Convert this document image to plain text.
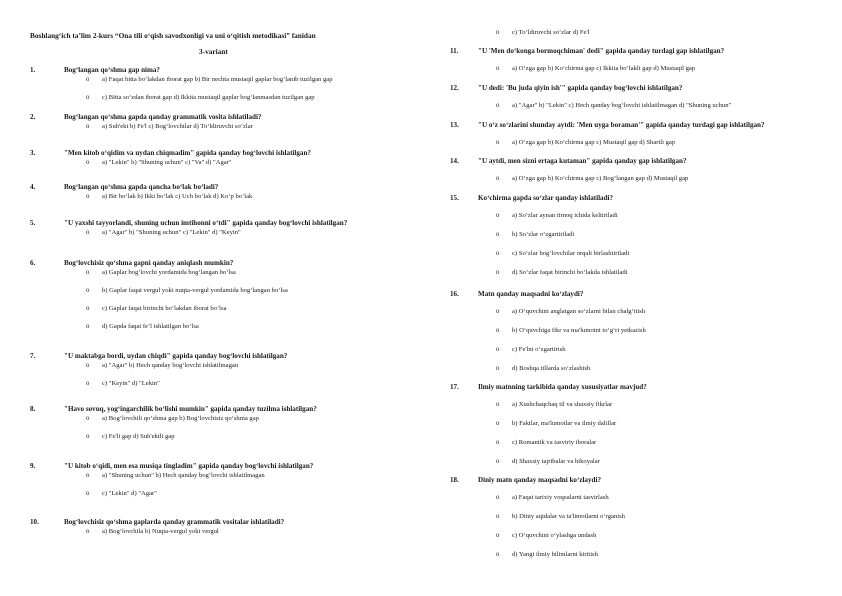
Boshlang‘ich ta’lim 2-kurs “Ona tili o‘qish savodxonligi va uni o‘qitish metodikasi” fanidan
3-variant
1.	Bog‘langan qo‘shma gap nima?
o a) Faqat bitta bo‘lakdan iborat gap b) Bir nechta mustaqil gaplar bog‘lanib tuzilgan gap
o c) Bitta so‘zdan iborat gap d) Ikkita mustaqil gaplar bog‘lanmasdan tuzilgan gap
2.	Bog‘langan qo‘shma gapda qanday grammatik vosita ishlatiladi?
o a) Sub'ekt b) Fe'l c) Bog‘lovchilar d) To‘ldiruvchi so‘zlar
3.	"Men kitob o‘qidim va uydan chiqmadim" gapida qanday bog‘lovchi ishlatilgan?
o a) "Lekin" b) "Shuning uchun" c) "Va" d) "Agar"
4.	Bog‘langan qo‘shma gapda qancha bo‘lak bo‘ladi?
o a) Bir bo‘lak b) Ikki bo‘lak c) Uch bo‘lak d) Ko‘p bo‘lak
5.	"U yaxshi tayyorlandi, shuning uchun imtihonni o‘tdi" gapida qanday bog‘lovchi ishlatilgan?
o a) "Agar" b) "Shuning uchun" c) "Lekin" d) "Keyin"
6.	Bog‘lovchisiz qo‘shma gapni qanday aniqlash mumkin?
o a) Gaplar bog‘lovchi yordamida bog‘langan bo‘lsa
o b) Gaplar faqat vergul yoki nuqta-vergul yordamida bog‘langan bo‘lsa
o c) Gaplar faqat birinchi bo‘lakdan iborat bo‘lsa
o d) Gapda faqat fe’l ishlatilgan bo‘lsa
7.	"U maktabga bordi, uydan chiqdi" gapida qanday bog‘lovchi ishlatilgan?
o a) "Agar" b) Hech qanday bog‘lovchi ishlatilmagan
o c) "Keyin" d) "Lekin"
8.	"Havo sovuq, yog‘ingarchilik bo‘lishi mumkin" gapida qanday tuzilma ishlatilgan?
o a) Bog‘lovchili qo‘shma gap b) Bog‘lovchisiz qo‘shma gap
o c) Fe'li gap d) Sub'ektli gap
9.	"U kitob o‘qidi, men esa musiqa tingladim" gapida qanday bog‘lovchi ishlatilgan?
o a) "Shuning uchun" b) Hech qanday bog‘lovchi ishlatilmagan
o c) "Lekin" d) "Agar"
10.	Bog‘lovchisiz qo‘shma gaplarda qanday grammatik vositalar ishlatiladi?
o a) Bog‘lovchila b) Nuqta-vergul yoki vergul
o c) To‘ldiruvchi so‘zlar d) Fe'l
11.	"U 'Men do‘konga bormoqchiman' dedi" gapida qanday turdagi gap ishlatilgan?
o a) O‘zga gap b) Ko‘chirma gap c) Ikkita bo‘lakli gap d) Mustaqil gap
12.	"U dedi: 'Bu juda qiyin ish'" gapida qanday bog‘lovchi ishlatilgan?
o a) "Agar" b) "Lekin" c) Hech qanday bog‘lovchi ishlatilmagan d) "Shuning uchun"
13.	"U o‘z so‘zlarini shunday aytdi: 'Men uyga boraman'" gapida qanday turdagi gap ishlatilgan?
o a) O‘zga gap b) Ko‘chirma gap c) Mustaqil gap d) Shartli gap
14.	"U aytdi, men sizni ertaga kutaman" gapida qanday gap ishlatilgan?
o a) O‘zga gap b) Ko‘chirma gap c) Bog‘langan gap d) Mustaqil gap
15.	Ko‘chirma gapda so‘zlar qanday ishlatiladi?
o a) So‘zlar aynan tirnoq ichida keltiriladi
o b) So‘zlar o‘zgartiriladi
o c) So‘zlar bog‘lovchilar orqali birlashtiriladi
o d) So‘zlar faqat birinchi bo‘lakda ishlatiladi
16.	Matn qanday maqsadni ko‘zlaydi?
o a) O‘quvchini anglatgan so‘zlarni bilan chalg‘itish
o b) O‘quvchiga fikr va ma'lumotni to‘g‘ri yetkazish
o c) Fe'lni o‘zgartirish
o d) Boshqa tillarda so‘zlashish
17.	Ilmiy matnning tarkibida qanday xususiyatlar mavjud?
o a) Xushchaqchaq til va shaxsiy fikrlar
o b) Faktlar, ma'lumotlar va ilmiy dalillar
o c) Romantik va tasviriy iboralar
o d) Shaxsiy tajribalar va hikoyalar
18.	Diniy matn qanday maqsadni ko‘zlaydi?
o a) Faqat tarixiy voqealarni tasvirlash
o b) Diniy aqidalar va ta'limotlarni o‘rganish
o c) O‘quvchini o‘ylashga undash
o d) Yangi ilmiy bilimlarni kiritish
